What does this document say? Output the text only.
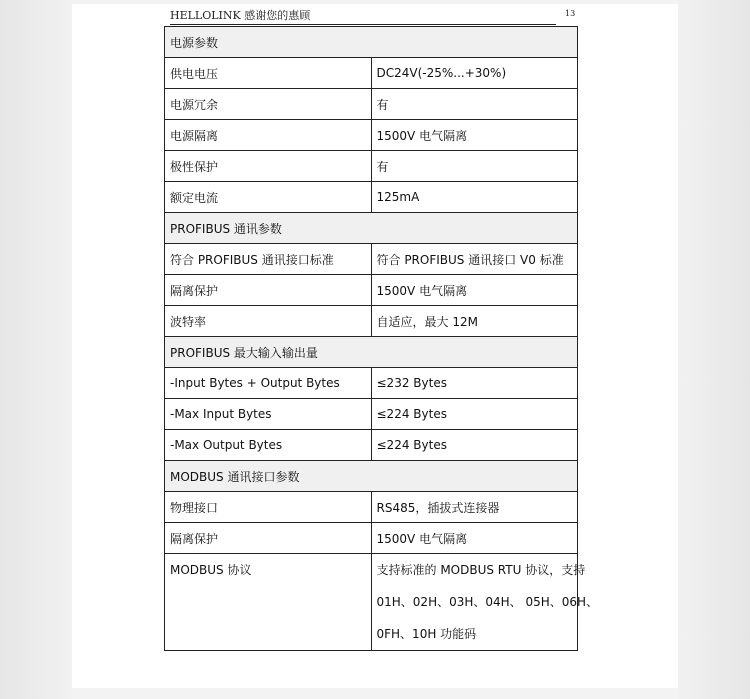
HELLOLINK 感谢您的惠顾	13
电源参数	
供电电压	DC24V(-25%...+30%)
电源冗余	有
电源隔离	1500V 电气隔离
极性保护	有
额定电流	125mA
PROFIBUS 通讯参数	
符合 PROFIBUS 通讯接口标准	符合 PROFIBUS 通讯接口 V0 标准
隔离保护	1500V 电气隔离
波特率	自适应，最大 12M
PROFIBUS 最大输入输出量	
-Input Bytes + Output Bytes	≤232 Bytes
-Max Input Bytes	≤224 Bytes
-Max Output Bytes	≤224 Bytes
MODBUS 通讯接口参数	
物理接口	RS485，插拔式连接器
隔离保护	1500V 电气隔离

MODBUS 协议	支持标准的 MODBUS RTU 协议，支持
01H、02H、03H、04H、 05H、06H、
0FH、10H 功能码
